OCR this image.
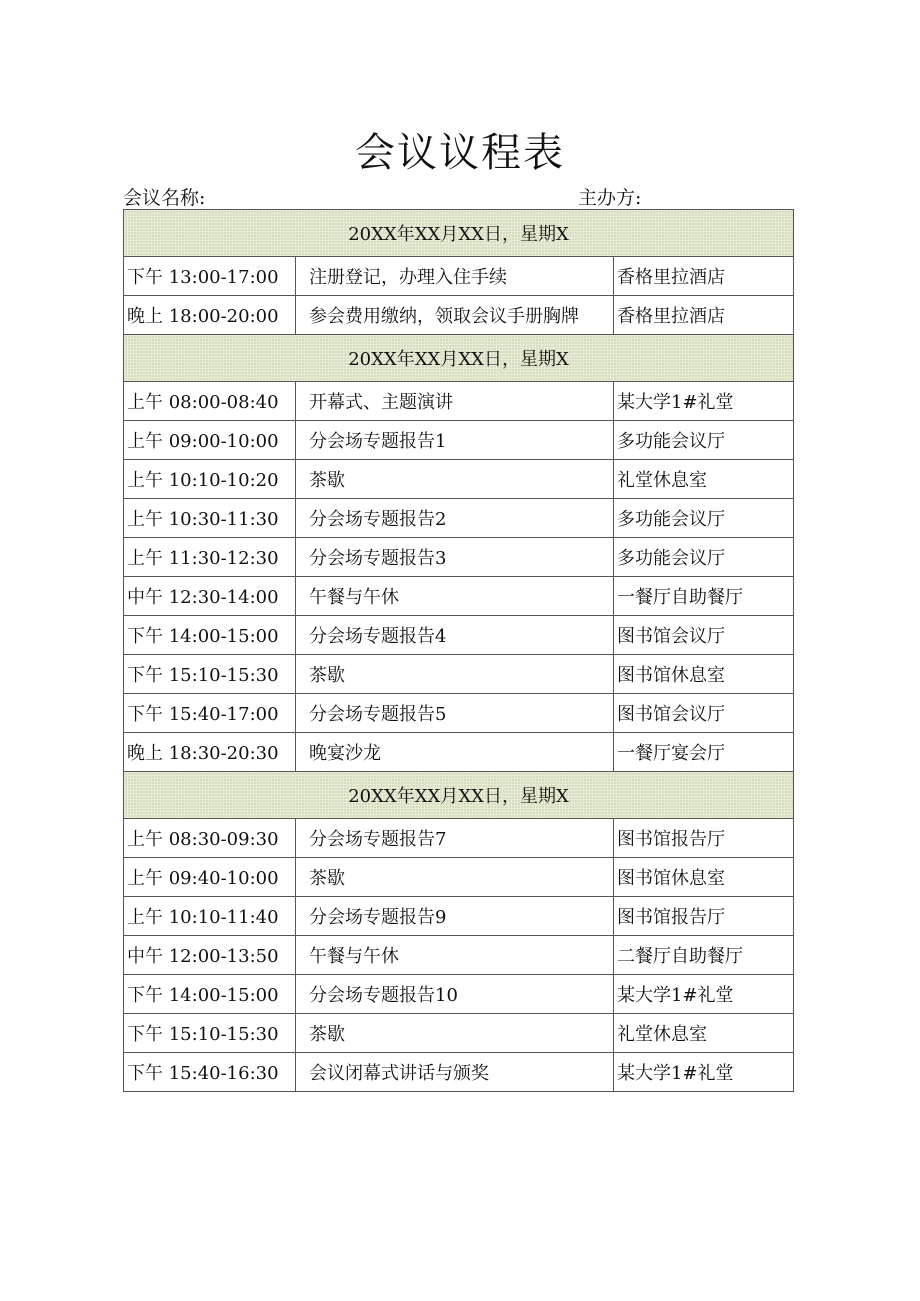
会议议程表
会议名称:	主办方:
20XX年XX月XX日，星期X		
下午 13:00-17:00	注册登记，办理入住手续	香格里拉酒店
晚上 18:00-20:00	参会费用缴纳，领取会议手册胸牌	香格里拉酒店
20XX年XX月XX日，星期X		
上午 08:00-08:40	开幕式、主题演讲	某大学1#礼堂
上午 09:00-10:00	分会场专题报告1	多功能会议厅
上午 10:10-10:20	茶歇	礼堂休息室
上午 10:30-11:30	分会场专题报告2	多功能会议厅
上午 11:30-12:30	分会场专题报告3	多功能会议厅
中午 12:30-14:00	午餐与午休	一餐厅自助餐厅
下午 14:00-15:00	分会场专题报告4	图书馆会议厅
下午 15:10-15:30	茶歇	图书馆休息室
下午 15:40-17:00	分会场专题报告5	图书馆会议厅
晚上 18:30-20:30	晚宴沙龙	一餐厅宴会厅
20XX年XX月XX日，星期X		
上午 08:30-09:30	分会场专题报告7	图书馆报告厅
上午 09:40-10:00	茶歇	图书馆休息室
上午 10:10-11:40	分会场专题报告9	图书馆报告厅
中午 12:00-13:50	午餐与午休	二餐厅自助餐厅
下午 14:00-15:00	分会场专题报告10	某大学1#礼堂
下午 15:10-15:30	茶歇	礼堂休息室
下午 15:40-16:30	会议闭幕式讲话与颁奖	某大学1#礼堂
